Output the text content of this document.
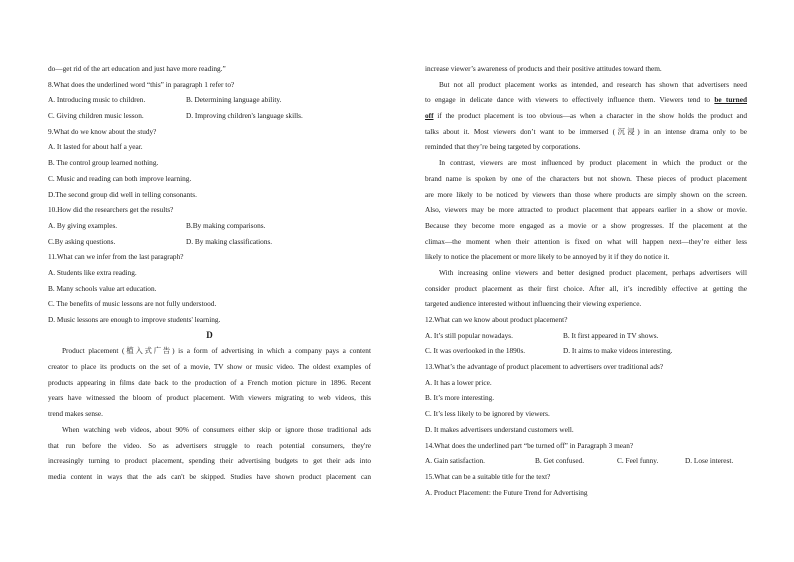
do—get rid of the art education and just have more reading.”
8.What does the underlined word “this” in paragraph 1 refer to?
A. Introducing music to children.	B. Determining language ability.
C. Giving children music lesson.	D. Improving children's language skills.
9.What do we know about the study?
A. It lasted for about half a year.
B. The control group learned nothing.
C. Music and reading can both improve learning.
D.The second group did well in telling consonants.
10.How did the researchers get the results?
A. By giving examples.	B.By making comparisons.
C.By asking questions.	D. By making classifications.
11.What can we infer from the last paragraph?
A. Students like extra reading.
B. Many schools value art education.
C. The benefits of music lessons are not fully understood.
D. Music lessons are enough to improve students' learning.
D
Product placement (植入式广告) is a form of advertising in which a company pays a content
creator to place its products on the set of a movie, TV show or music video. The oldest examples of
products appearing in films date back to the production of a French motion picture in 1896. Recent
years have witnessed the bloom of product placement. With viewers migrating to web videos, this
trend makes sense.
When watching web videos, about 90% of consumers either skip or ignore those traditional ads
that run before the video. So as advertisers struggle to reach potential consumers, they're
increasingly turning to product placement, spending their advertising budgets to get their ads into
media content in ways that the ads can't be skipped. Studies have shown product placement can
increase viewer’s awareness of products and their positive attitudes toward them.
But not all product placement works as intended, and research has shown that advertisers need
to engage in delicate dance with viewers to effectively influence them. Viewers tend to be turned
off if the product placement is too obvious—as when a character in the show holds the product and
talks about it. Most viewers don’t want to be immersed (沉浸) in an intense drama only to be
reminded that they’re being targeted by corporations.
In contrast, viewers are most influenced by product placement in which the product or the
brand name is spoken by one of the characters but not shown. These pieces of product placement
are more likely to be noticed by viewers than those where products are simply shown on the screen.
Also, viewers may be more attracted to product placement that appears earlier in a show or movie.
Because they become more engaged as a movie or a show progresses. If the placement at the
climax—the moment when their attention is fixed on what will happen next—they’re either less
likely to notice the placement or more likely to be annoyed by it if they do notice it.
With increasing online viewers and better designed product placement, perhaps advertisers will
consider product placement as their first choice. After all, it’s incredibly effective at getting the
targeted audience interested without influencing their viewing experience.
12.What can we know about product placement?
A. It’s still popular nowadays.	B. It first appeared in TV shows.
C. It was overlooked in the 1890s.	D. It aims to make videos interesting.
13.What’s the advantage of product placement to advertisers over traditional ads?
A. It has a lower price.
B. It’s more interesting.
C. It’s less likely to be ignored by viewers.
D. It makes advertisers understand customers well.
14.What does the underlined part “be turned off” in Paragraph 3 mean?
A. Gain satisfaction.	B. Get confused.	C. Feel funny.	D. Lose interest.
15.What can be a suitable title for the text?
A. Product Placement: the Future Trend for Advertising
